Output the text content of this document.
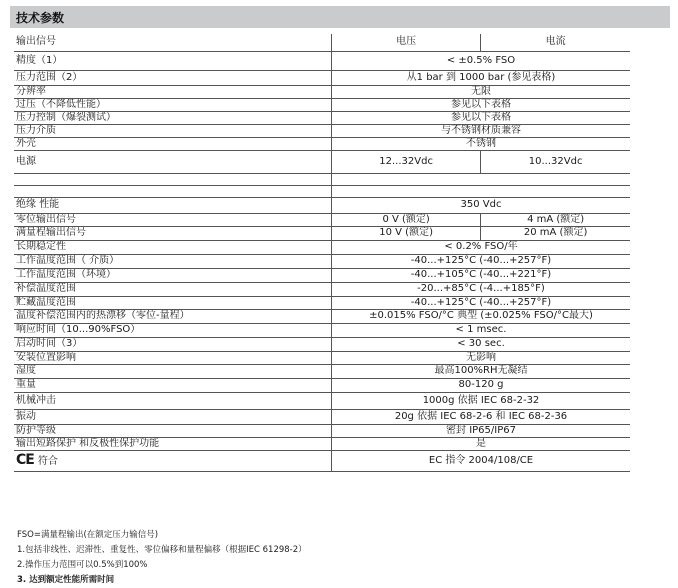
技术参数
输出信号	电压	电流
精度（1）	< ±0.5% FSO	
压力范围（2）	从1 bar 到 1000 bar (参见表格)	
分辨率	无限	
过压（不降低性能）	参见以下表格	
压力控制（爆裂测试）	参见以下表格	
压力介质	与不锈钢材质兼容	
外壳	不锈钢	
电源	12...32Vdc	10...32Vdc

绝缘 性能	350 Vdc	
零位输出信号	0 V (额定)	4 mA (额定)
满量程输出信号	10 V (额定)	20 mA (额定)
长期稳定性	< 0.2% FSO/年	
工作温度范围（ 介质）	-40...+125°C (-40...+257°F)	
工作温度范围（环境）	-40...+105°C (-40...+221°F)	
补偿温度范围	-20...+85°C (-4...+185°F)	
贮藏温度范围	-40...+125°C (-40...+257°F)	
温度补偿范围内的热漂移（零位-量程）	±0.015% FSO/°C 典型 (±0.025% FSO/°C最大)	
响应时间（10...90%FSO）	< 1 msec.	
启动时间（3）	< 30 sec.	
安装位置影响	无影响	
湿度	最高100%RH无凝结	
重量	80-120 g	
机械冲击	1000g 依据 IEC 68-2-32	
振动	20g 依据 IEC 68-2-6 和 IEC 68-2-36	
防护等级	密封 IP65/IP67	
输出短路保护 和反极性保护功能	是	
CE 符合	EC 指令 2004/108/CE	
FSO=满量程输出(在额定压力输信号)
1.包括非线性、迟滞性、重复性、零位偏移和量程偏移（根据IEC 61298-2）
2.操作压力范围可以0.5%到100%
3. 达到额定性能所需时间
